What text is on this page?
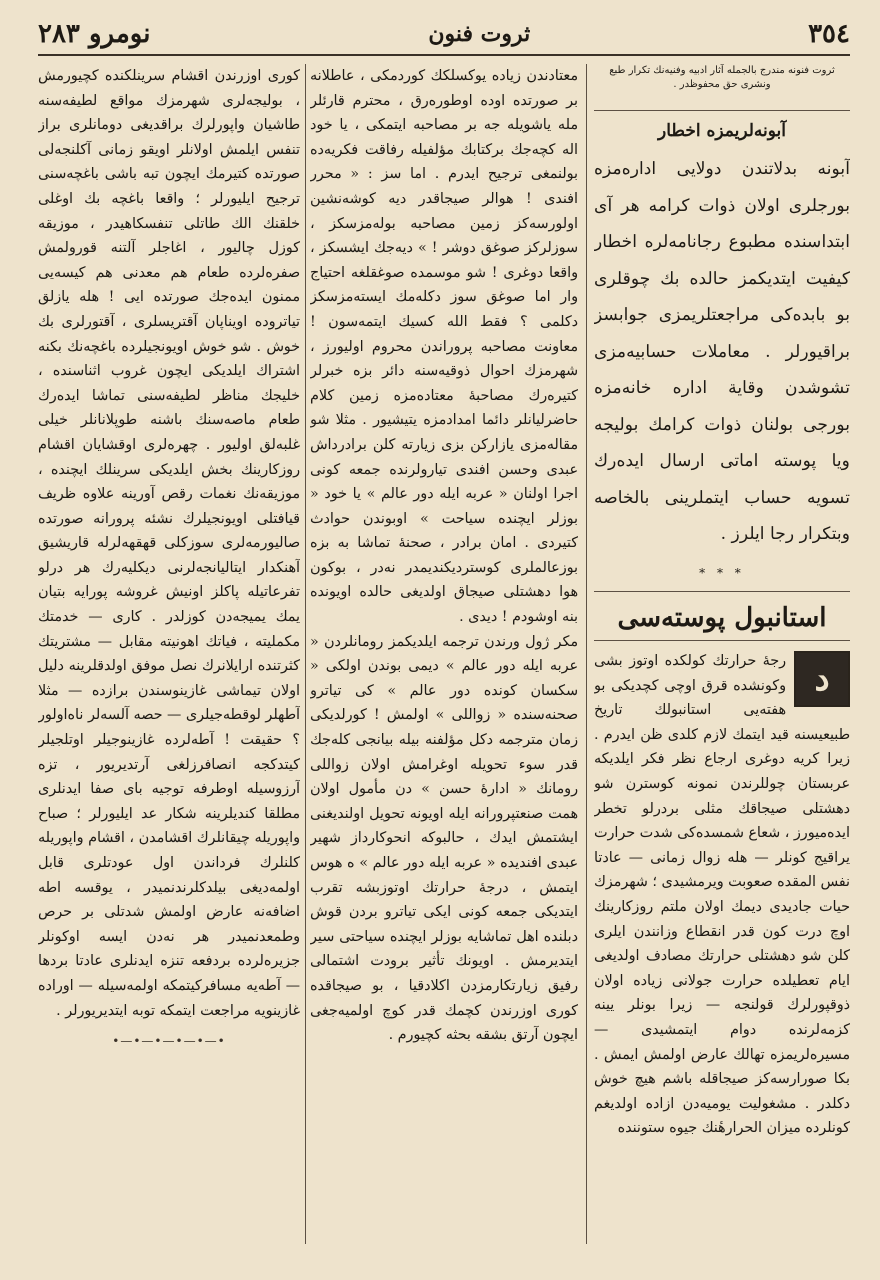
نومرو ٢٨٣	ثروت فنون	٣٥٤
ثروت فنونه مندرج بالجمله آثار ادبيه وفنيه‌نك تكرار طبع ونشرى حق محفوظدر .
آبونه‌لريمزه اخطار

آبونه بدلاتندن دولايى اداره‌مزه بورجلرى اولان ذوات كرامه هر آى ابتداسنده مطبوع رجانامه‌لره اخطار كيفيت ايتديكمز حالده بك چوقلرى بو بابده‌كى مراجعتلريمزى جوابسز براقيورلر . معاملات حسابيه‌مزى تشوشدن وقاية اداره خانه‌مزه بورجى بولنان ذوات كرامك بوليجه ويا پوسته اماتى ارسال ايده‌رك تسويه حساب ايتملرينى بالخاصه وبتكرار رجا ايلرز .

* * *
استانبول پوسته‌سى
د

رجهٔ حرارتك كولكده اوتوز بشى وكونشده قرق اوچى كچديكى بو هفته‌يى استانبولك تاريخ طبيعيسنه قيد ايتمك لازم كلدى ظن ايدرم . زيرا كريه دوغرى ارجاع نظر فكر ايلديكه عربستان چوللرندن نمونه كوسترن شو دهشتلى صيجاقك مثلى بردرلو تخطر ايده‌ميورز ، شعاع شمسده‌كى شدت حرارت يراقيج كونلر — هله زوال زمانى — عادتا نفس المقده صعوبت ويرمشيدى ؛ شهرمزك حيات جاديدى ديمك اولان ملتم روزكارينك اوچ درت كون قدر انقطاع وزانندن ايلرى كلن شو دهشتلى حرارتك مصادف اولديغى ايام تعطيلده حرارت جولانى زياده اولان ذوقپورلرك قولنجه — زيرا بونلر يينه كزمه‌لرنده دوام ايتمشيدى — مسيره‌لريمزه تهالك عارض اولمش ايمش . بكا صورارسه‌كز صيجاقله باشم هيچ خوش دكلدر . مشغوليت يوميه‌دن ازاده اولديغم كونلرده ميزان الحرارهٔنك جيوه ستوننده

معتادندن زياده يوكسلكك كوردمكى ، عاطلانه بر صورتده اوده اوطوره‌رق ، محترم قارئلر مله ياشويله‌ جه بر مصاحبه ايتمكى ، يا خود اله كچه‌جك بركتابك مؤلفيله رفاقت فكريه‌ده بولنمغى ترجيح ايدرم . اما سز : « محرر افندى ! هوالر صيجاقدر ديه كوشه‌نشين اولورسه‌كز زمين مصاحبه بوله‌مزسكز ، سوزلركز صوغق دوشر ! » ديه‌جك ايشسكز ، واقعا دوغرى ! شو موسمده صوغقلغه احتياج وار اما صوغق سوز دكله‌مك ايسته‌مزسكز دكلمى ؟ فقط الله كسيك ايتمه‌سون ! معاونت مصاحبه پروراندن محروم اوليورز ، شهرمزك احوال ذوقيه‌سنه دائر بزه خبرلر كتيره‌رك مصاحبهٔ معتاده‌مزه زمين كلام حاضرليانلر دائما امداد‌مزه يتيشيور . مثلا شو مقاله‌مزى يازاركن بزى زيارته كلن برادرداش عبدى وحسن افندى تيارولرنده جمعه كونى اجرا اولنان « عربه ايله دور عالم » يا خود « بوزلر ايچنده سياحت » اوبوندن حوادث كتيردى . امان برادر ، صحنهٔ تماشا به بزه بوزعالملرى كوسترديكنديمدر نه‌در ، بوكون هوا دهشتلى صيجاق اولديغى حالده اويونده بنه اوشودم ! ديدى .

مكر ژول ورندن ترجمه ايلديكمز رومانلردن « عربه ايله دور عالم » ديمى بوندن اولكى « سكسان كونده دور عالم » كى تياترو صحنه‌سنده « زواللى » اولمش ! كورلديكى زمان مترجمه دكل مؤلفنه بيله بيانجى كله‌جك قدر سوء تحويله اوغرامش اولان زواللى رومانك « ادارهٔ حسن » دن مأمول اولان همت صنعتپرورانه ايله اويونه تحويل اولنديغنى ايشتمش ايدك ، حالبوكه انحوكارداز شهير عبدى افنديده « عربه ايله دور عالم » ه هوس ايتمش ، درجهٔ حرارتك اوتوزبشه تقرب ايتديكى جمعه كونى ايكى تياترو بردن قوش دبلنده اهل تماشايه بوزلر ايچنده سياحتى سير ايتديرمش . اويونك تأثير برودت اشتمالى رفيق زيارتكارمزدن اكلادقيا ، بو صيجاقده كورى اوزرندن كچمك قدر كوچ اولميه‌جغى ايچون آرتق بشقه بحثه كچيورم .

كورى اوزرندن اقشام سرينلكنده كچيورمش ، بوليجه‌لرى شهرمزك مواقع لطيفه‌سنه طاشيان واپورلرك براقديغى دومانلرى براز تنفس ايلمش اولانلر اويقو زمانى آكلنجه‌لى صورتده كتيرمك ايچون تبه باشى باغچه‌سنى ترجيح ايليورلر ؛ واقعا باغچه بك اوغلى خلقنك الك طاتلى تنفسكاهيدر ، موزيقه كوزل چاليور ، اغاجلر آلتنه قورولمش صفره‌لرده طعام هم معدنى هم كيسه‌يى ممنون ايده‌جك صورتده ايى ! هله يازلق تياتروده اويناپان آقتريسلرى ، آقتورلرى بك خوش . شو خوش اويونجيلرده باغچه‌نك بكنه اشتراك ايلديكى ايچون غروب اثناسنده ، خليجك مناظر لطيفه‌سنى تماشا ايده‌رك طعام ماصه‌سنك باشنه طوپلانانلر خيلى غلبه‌لق اوليور . چهره‌لرى اوقشايان اقشام روزكارينك بخش ايلديكى سرينلك ايچنده ، موزيقه‌نك نغمات رقص آورينه علاوه ظريف قيافتلى اويونجيلرك نشئه پرورانه صورتده صاليورمه‌لرى سوزكلى قهقهه‌لرله قاريشيق آهنكدار ايتاليانجه‌لرنى ديكليه‌رك هر درلو تفرعاتيله پاكلز اونيش غروشه پورايه بتيان يمك يميجه‌دن كوزلدر . كارى — خدمتك مكمليته ، فياتك اهونيته مقابل — مشتريتك كثرتنده ارايلانرك نصل موفق اولدقلرينه دليل اولان تيماشى غازينوسندن برازده — مثلا آطهلر لوقطه‌جيلرى — حصه آلسه‌لر ناه‌اولور ؟ حقيقت ! آطه‌لرده غازينوجيلر اوتلجيلر كيتدكجه انصافرزلغى آرتديريور ، تزه آرزوسيله اوطرفه توجيه باى صفا ايدنلرى مطلقا كنديلرينه شكار عد ايليورلر ؛ صباح واپوريله چيقانلرك اقشامدن ، اقشام واپوريله كلنلرك فرداندن اول عودتلرى قابل اولمه‌ديغى بيلدكلرندنميدر ، يوقسه اطه اضافه‌نه عارض اولمش شدتلى بر حرص وطمعدنميدر هر نه‌دن ايسه اوكونلر جزيره‌لرده بردفعه تنزه ايدنلرى عادتا بردها — آطه‌يه مسافركيتمكه اولمه‌سيله — اوراده غازينويه مراجعت ايتمكه توبه ايتديريورلر .

•—•—•—•—•—•
